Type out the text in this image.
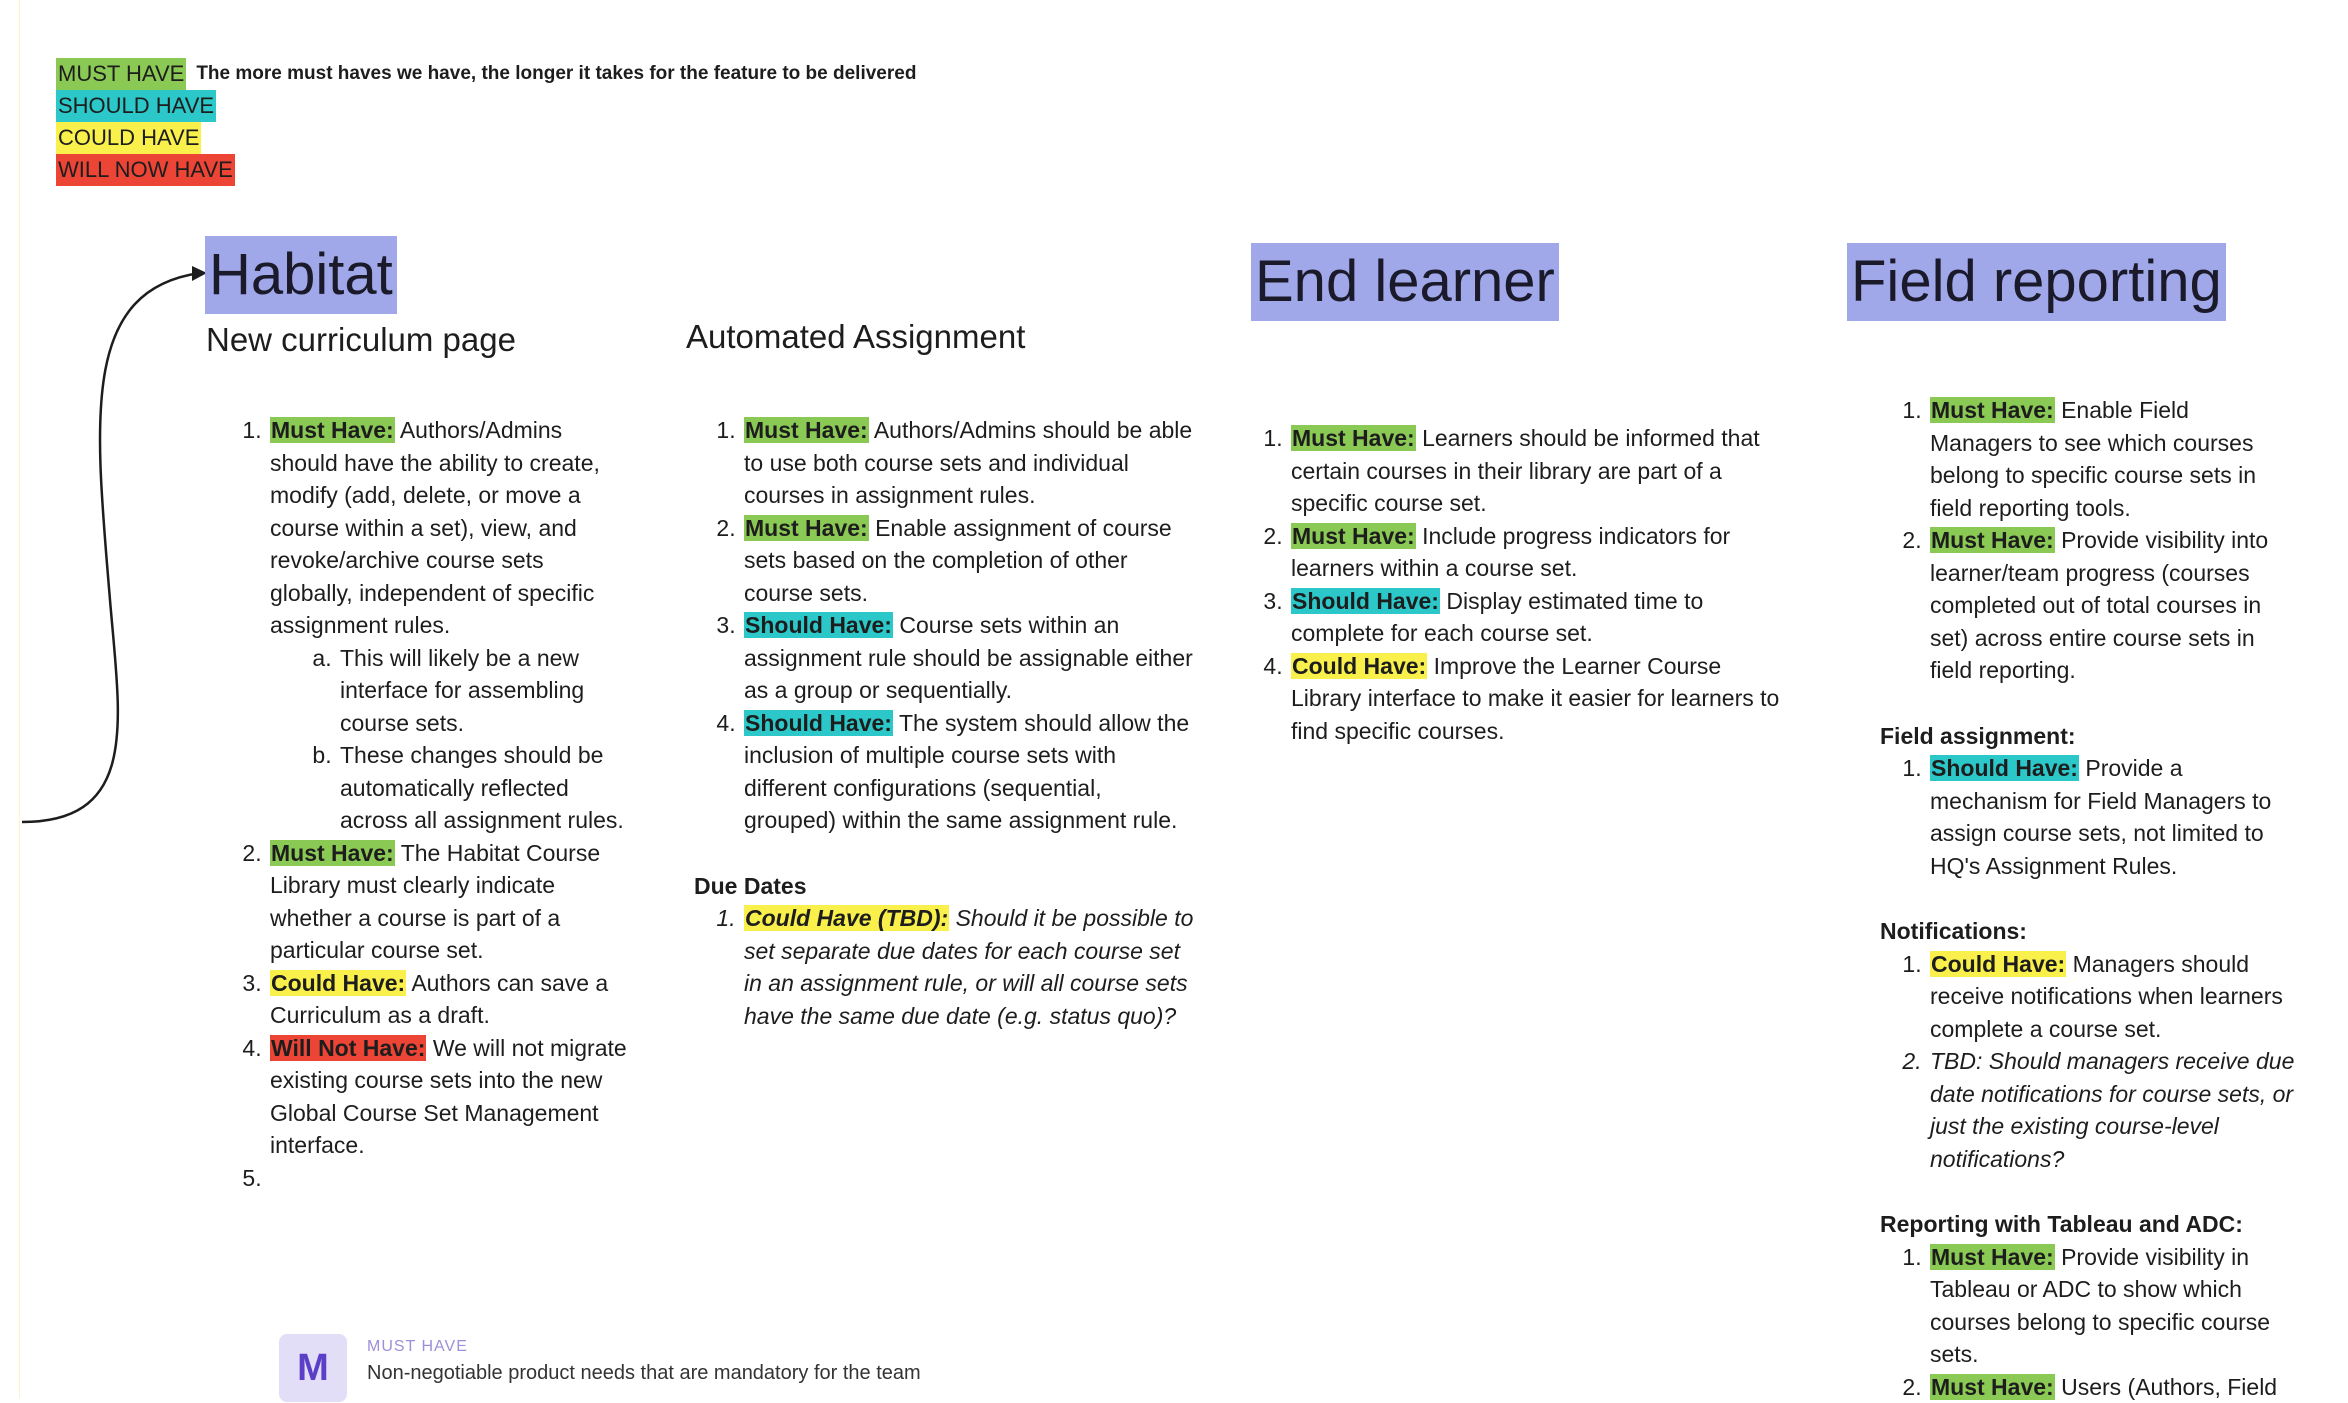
MUST HAVE The more must haves we have, the longer it takes for the feature to be delivered
SHOULD HAVE
COULD HAVE
WILL NOW HAVE
Habitat	End learner	Field reporting
New curriculum page	Automated Assignment
1. Must Have: Authors/Admins should have the ability to create, modify (add, delete, or move a course within a set), view, and revoke/archive course sets globally, independent of specific assignment rules.
a. This will likely be a new interface for assembling course sets.
b. These changes should be automatically reflected across all assignment rules.
2. Must Have: The Habitat Course Library must clearly indicate whether a course is part of a particular course set.
3. Could Have: Authors can save a Curriculum as a draft.
4. Will Not Have: We will not migrate existing course sets into the new Global Course Set Management interface.
5.
1. Must Have: Authors/Admins should be able to use both course sets and individual courses in assignment rules.
2. Must Have: Enable assignment of course sets based on the completion of other course sets.
3. Should Have: Course sets within an assignment rule should be assignable either as a group or sequentially.
4. Should Have: The system should allow the inclusion of multiple course sets with different configurations (sequential, grouped) within the same assignment rule.
Due Dates
1. Could Have (TBD): Should it be possible to set separate due dates for each course set in an assignment rule, or will all course sets have the same due date (e.g. status quo)?
1. Must Have: Learners should be informed that certain courses in their library are part of a specific course set.
2. Must Have: Include progress indicators for learners within a course set.
3. Should Have: Display estimated time to complete for each course set.
4. Could Have: Improve the Learner Course Library interface to make it easier for learners to find specific courses.
1. Must Have: Enable Field Managers to see which courses belong to specific course sets in field reporting tools.
2. Must Have: Provide visibility into learner/team progress (courses completed out of total courses in set) across entire course sets in field reporting.
Field assignment:
1. Should Have: Provide a mechanism for Field Managers to assign course sets, not limited to HQ's Assignment Rules.
Notifications:
1. Could Have: Managers should receive notifications when learners complete a course set.
2. TBD: Should managers receive due date notifications for course sets, or just the existing course-level notifications?
Reporting with Tableau and ADC:
1. Must Have: Provide visibility in Tableau or ADC to show which courses belong to specific course sets.
2. Must Have: Users (Authors, Field
M	MUST HAVE
Non-negotiable product needs that are mandatory for the team
